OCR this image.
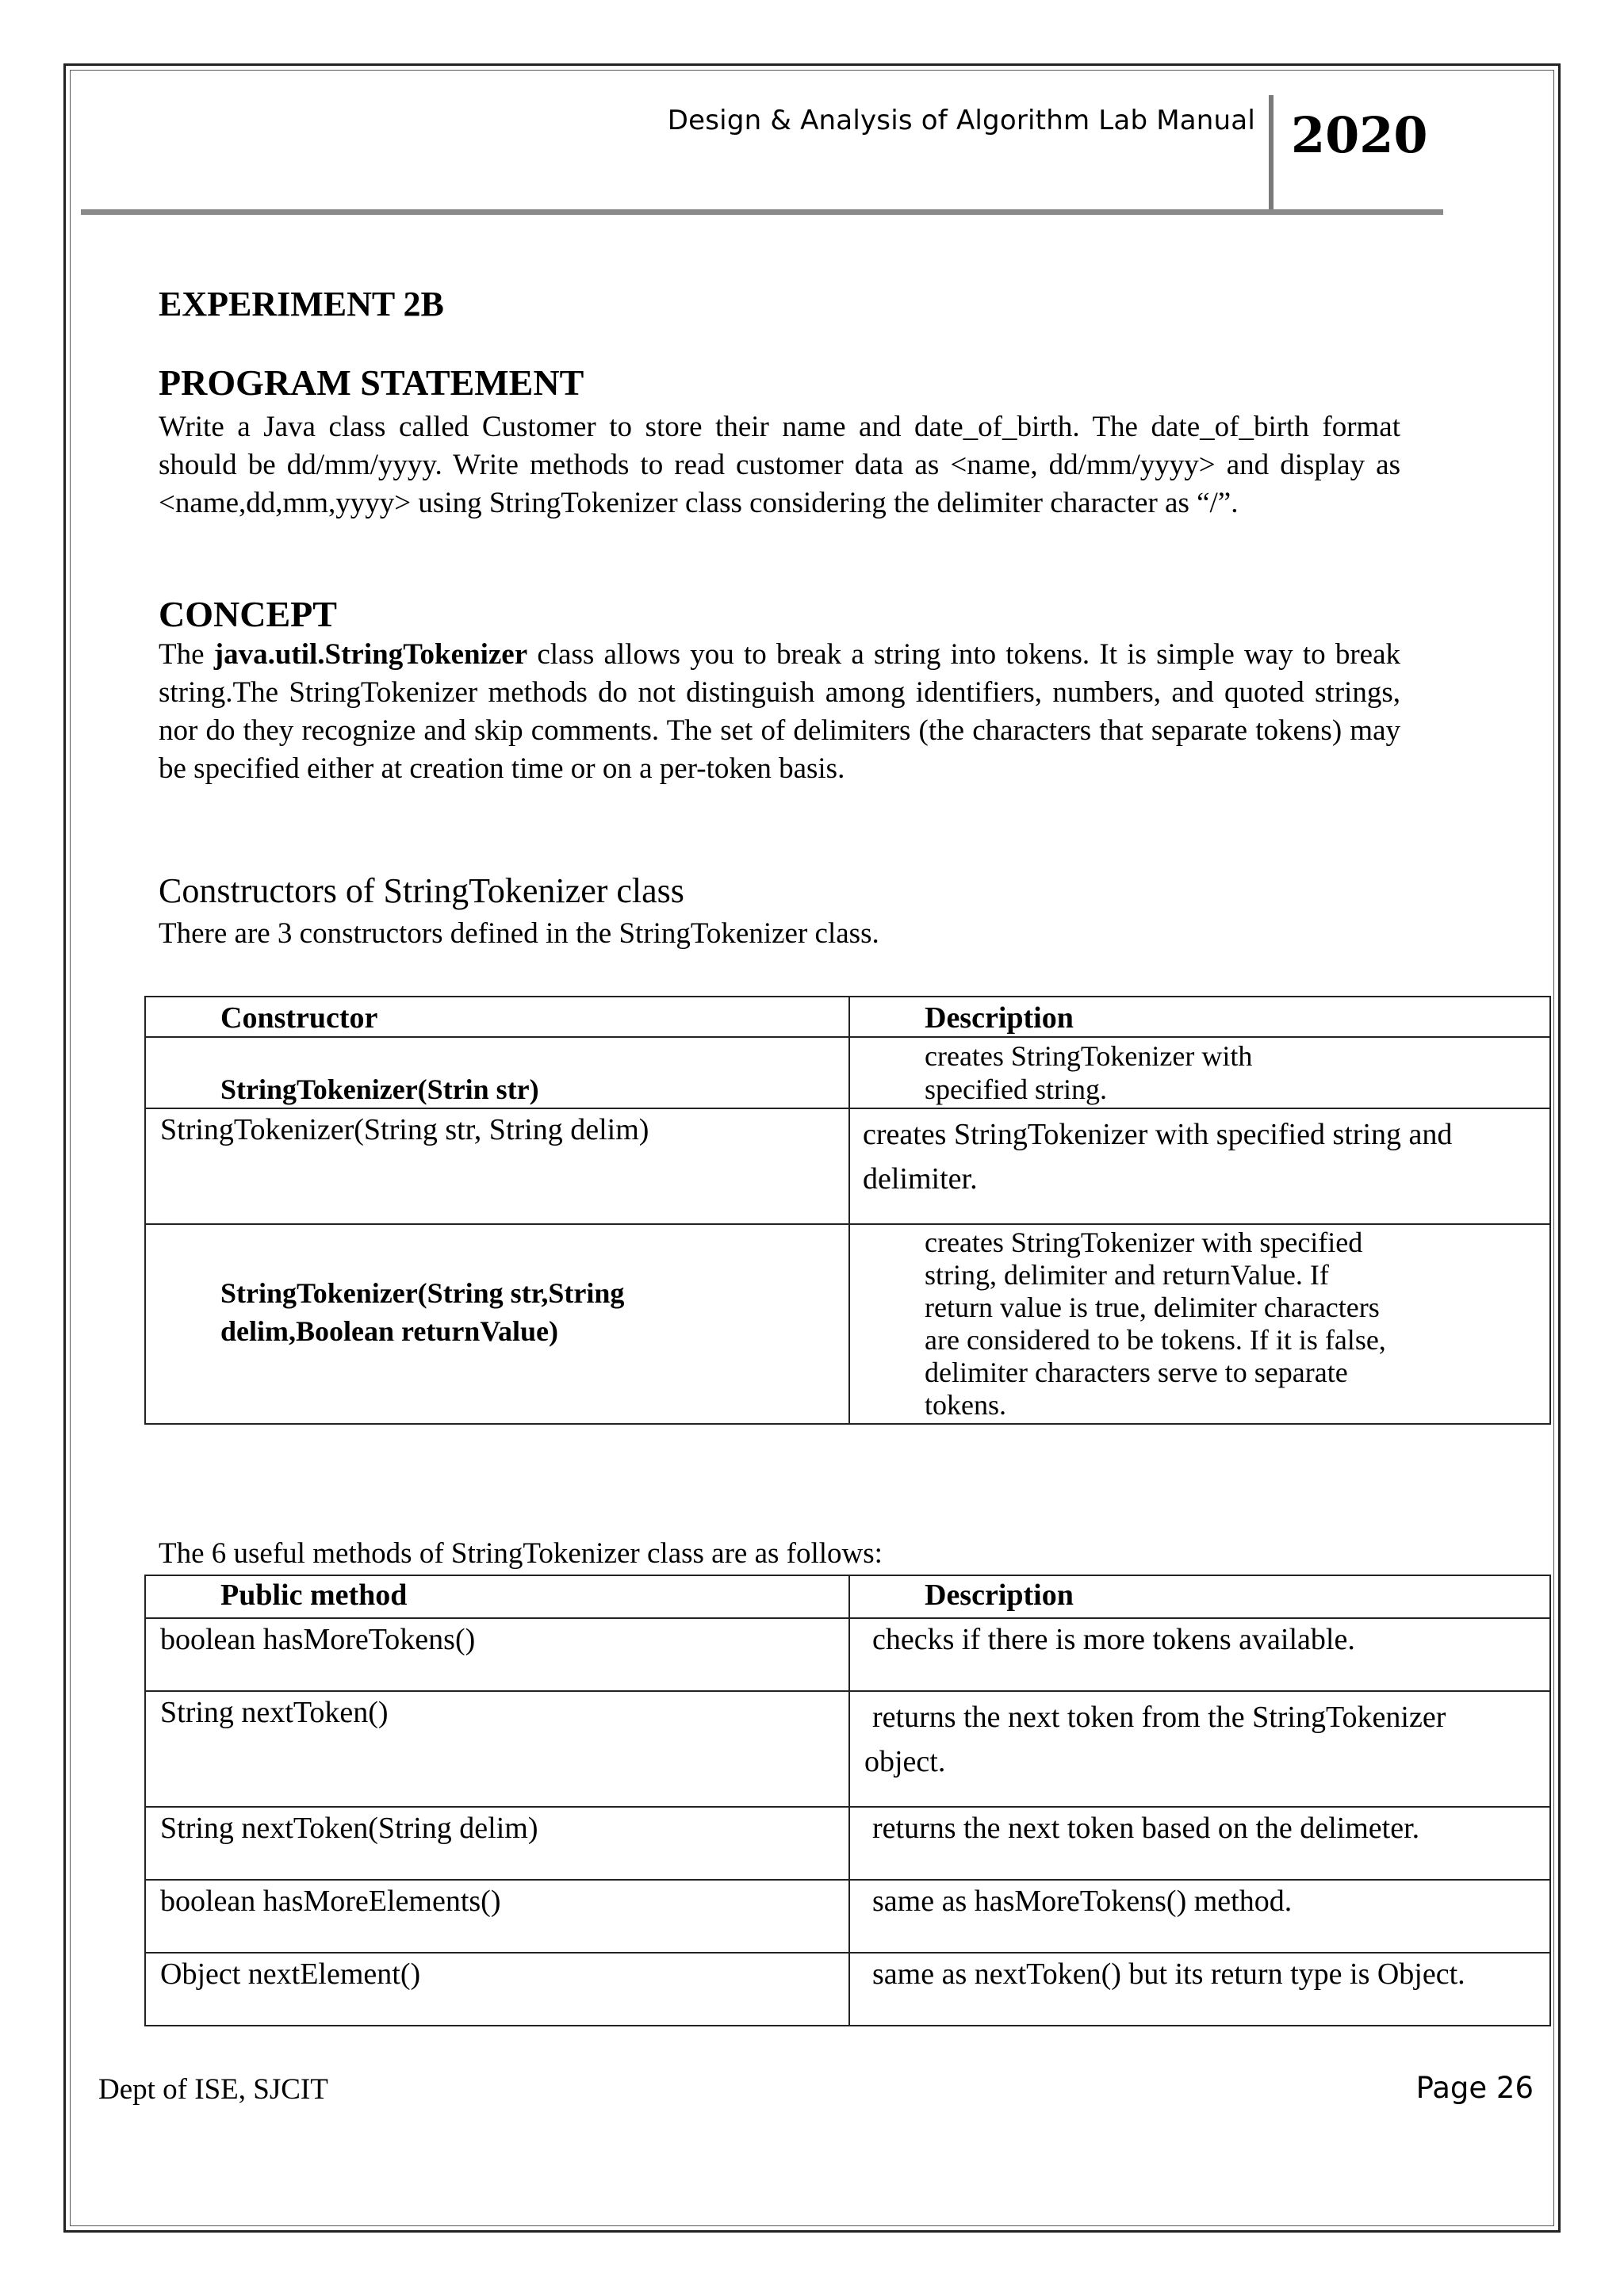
Design & Analysis of Algorithm Lab Manual 2020
EXPERIMENT 2B
PROGRAM STATEMENT
Write a Java class called Customer to store their name and date_of_birth. The date_of_birth format should be dd/mm/yyyy. Write methods to read customer data as <name, dd/mm/yyyy> and display as <name,dd,mm,yyyy> using StringTokenizer class considering the delimiter character as “/”.
CONCEPT
The java.util.StringTokenizer class allows you to break a string into tokens. It is simple way to break string.The StringTokenizer methods do not distinguish among identifiers, numbers, and quoted strings, nor do they recognize and skip comments. The set of delimiters (the characters that separate tokens) may be specified either at creation time or on a per-token basis.
Constructors of StringTokenizer class
There are 3 constructors defined in the StringTokenizer class.
Constructor	Description

StringTokenizer(Strin str)	creates StringTokenizer with specified string.

StringTokenizer(String str, String delim)	creates StringTokenizer with specified string and delimiter.

StringTokenizer(String str,String delim,Boolean returnValue)	creates StringTokenizer with specified string, delimiter and returnValue. If return value is true, delimiter characters are considered to be tokens. If it is false, delimiter characters serve to separate tokens.
The 6 useful methods of StringTokenizer class are as follows:
Public method	Description

boolean hasMoreTokens()	checks if there is more tokens available.

String nextToken()	returns the next token from the StringTokenizer object.

String nextToken(String delim)	returns the next token based on the delimeter.

boolean hasMoreElements()	same as hasMoreTokens() method.

Object nextElement()	same as nextToken() but its return type is Object.
Dept of ISE, SJCIT	Page 26
